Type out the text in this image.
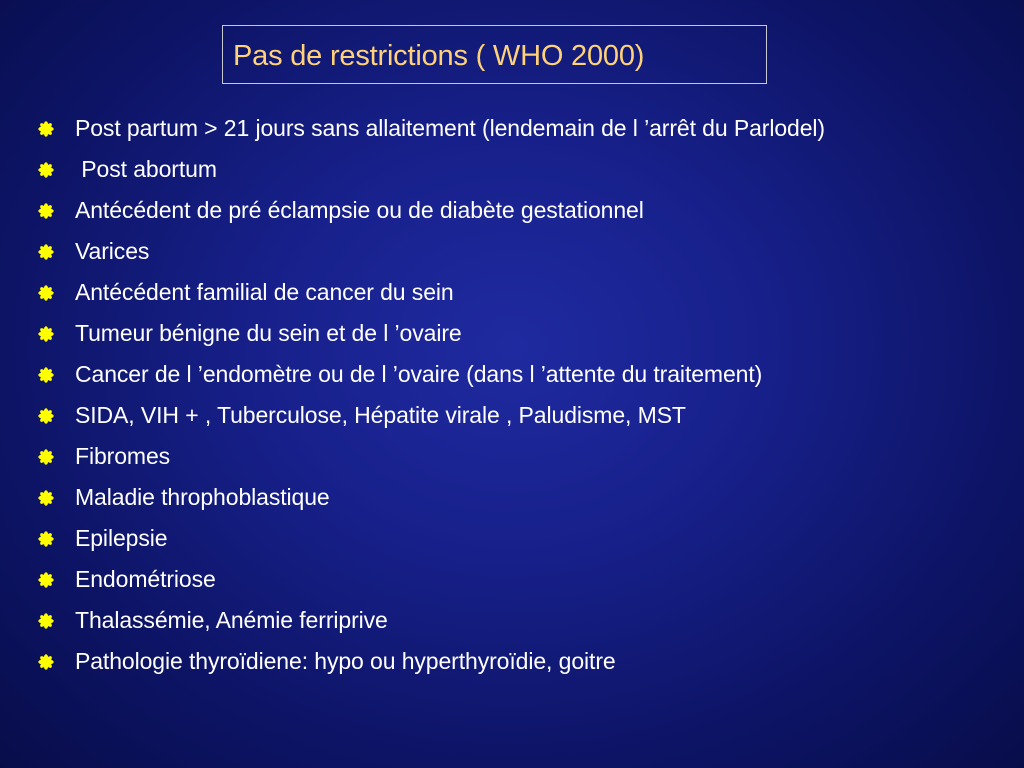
Pas de restrictions ( WHO 2000)
Post partum > 21 jours sans allaitement (lendemain de l ’arrêt du Parlodel)
Post abortum
Antécédent de pré éclampsie ou de diabète gestationnel
Varices
Antécédent familial de cancer du sein
Tumeur bénigne du sein et de l ’ovaire
Cancer de l ’endomètre ou de l ’ovaire (dans l ’attente du traitement)
SIDA, VIH + , Tuberculose, Hépatite virale , Paludisme, MST
Fibromes
Maladie throphoblastique
Epilepsie
Endométriose
Thalassémie, Anémie ferriprive
Pathologie thyroïdiene: hypo ou hyperthyroïdie, goitre
